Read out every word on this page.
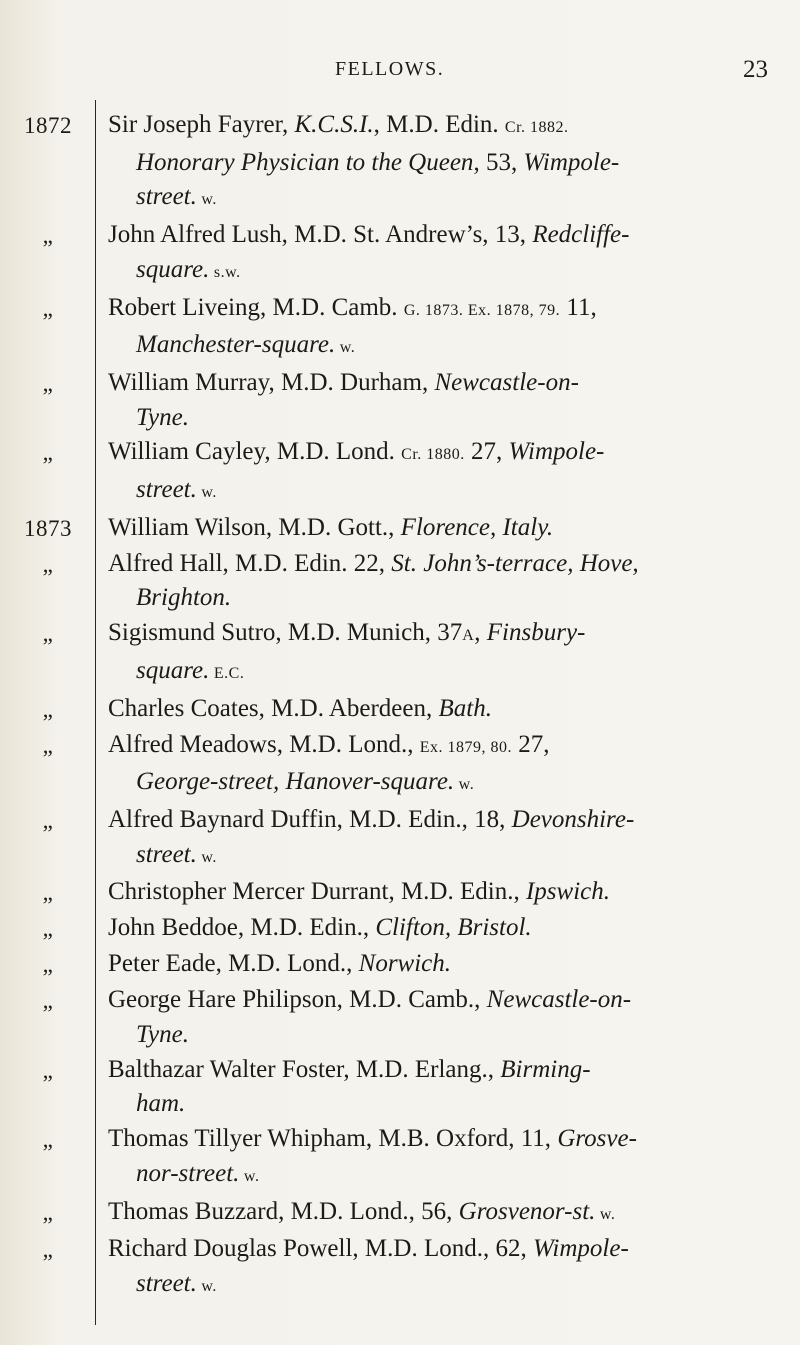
FELLOWS.	23
1872	Sir Joseph Fayrer, K.C.S.I., M.D. Edin. Cr. 1882.
Honorary Physician to the Queen, 53, Wimpole-
street. w.
„	John Alfred Lush, M.D. St. Andrew’s, 13, Redcliffe-
square. s.w.
„	Robert Liveing, M.D. Camb. G. 1873. Ex. 1878, 79. 11,
Manchester-square. w.
„	William Murray, M.D. Durham, Newcastle-on-
Tyne.
„	William Cayley, M.D. Lond. Cr. 1880. 27, Wimpole-
street. w.
1873	William Wilson, M.D. Gott., Florence, Italy.
„	Alfred Hall, M.D. Edin. 22, St. John’s-terrace, Hove,
Brighton.
„	Sigismund Sutro, M.D. Munich, 37A, Finsbury-
square. E.C.
„	Charles Coates, M.D. Aberdeen, Bath.
„	Alfred Meadows, M.D. Lond., Ex. 1879, 80. 27,
George-street, Hanover-square. w.
„	Alfred Baynard Duffin, M.D. Edin., 18, Devonshire-
street. w.
„	Christopher Mercer Durrant, M.D. Edin., Ipswich.
„	John Beddoe, M.D. Edin., Clifton, Bristol.
„	Peter Eade, M.D. Lond., Norwich.
„	George Hare Philipson, M.D. Camb., Newcastle-on-
Tyne.
„	Balthazar Walter Foster, M.D. Erlang., Birming-
ham.
„	Thomas Tillyer Whipham, M.B. Oxford, 11, Grosve-
nor-street. w.
„	Thomas Buzzard, M.D. Lond., 56, Grosvenor-st. w.
„	Richard Douglas Powell, M.D. Lond., 62, Wimpole-
street. w.
